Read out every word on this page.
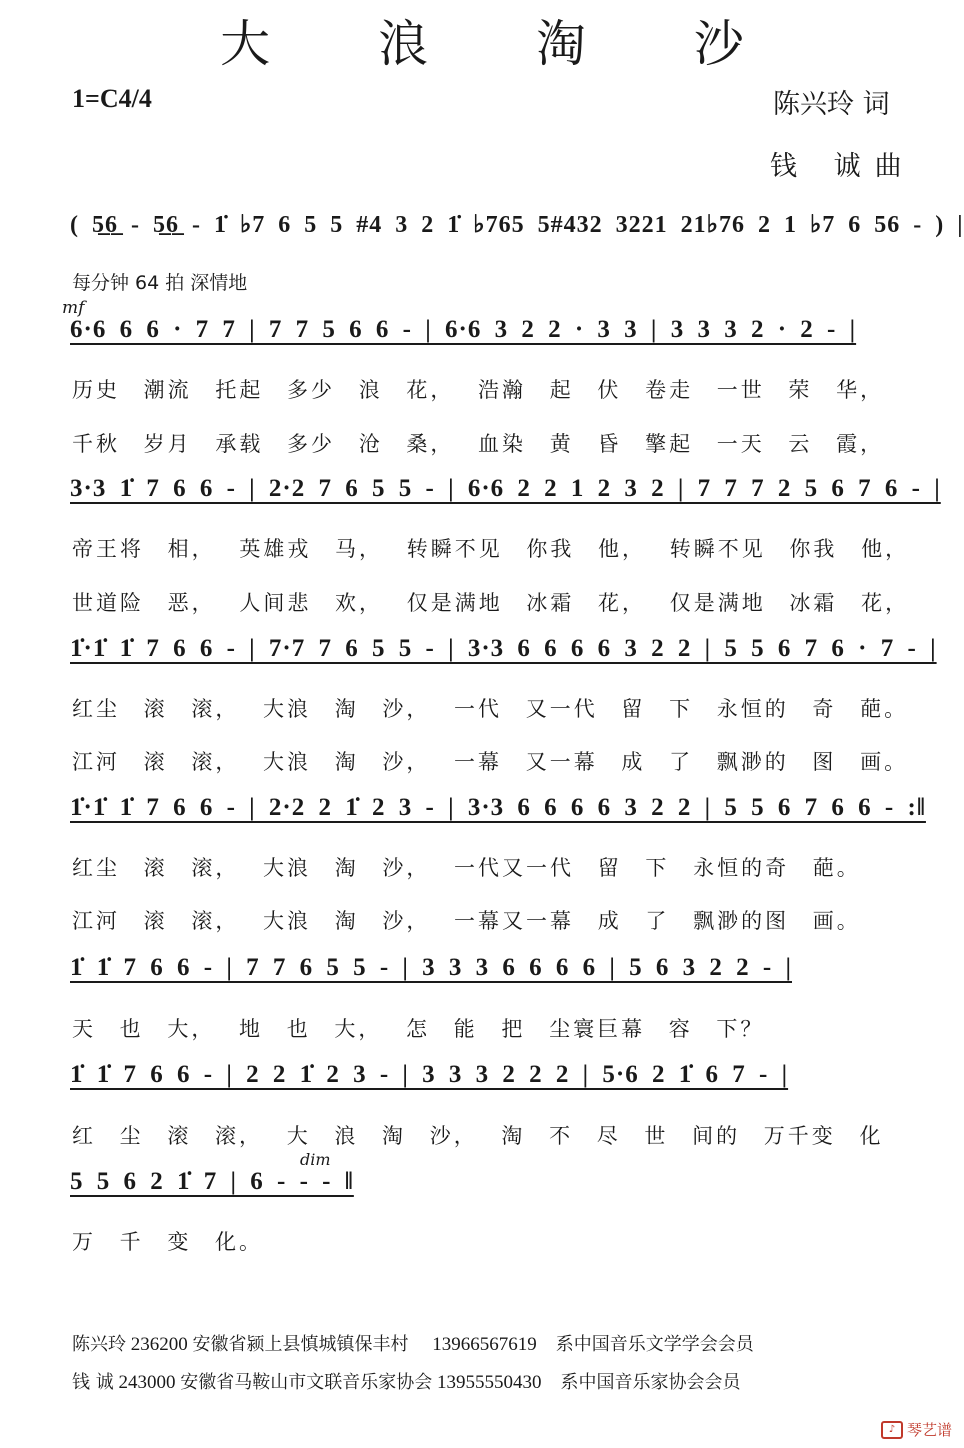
大 浪 淘 沙
1=C4/4	陈兴玲 词
钱 诚曲
( 5̲6̲ - 5̲6̲ - 1̇ ♭7 6 5 5 #4 3 2 1̇ ♭765 5#432 3221 21♭76 2 1 ♭7 6 56 - ) |
每分钟 64 拍 深情地
mf
6·6 6 6 · 7 7 | 7 7 5 6 6 - | 6·6 3 2 2 · 3 3 | 3 3 3 2 · 2 - |
历史 潮流 托起 多少 浪 花， 浩瀚 起 伏 卷走 一世 荣 华，
千秋 岁月 承载 多少 沧 桑， 血染 黄 昏 擎起 一天 云 霞，
3·3 1̇ 7 6 6 - | 2·2 7 6 5 5 - | 6·6 2 2 1 2 3 2 | 7 7 7 2 5 6 7 6 - |
帝王将 相， 英雄戎 马， 转瞬不见 你我 他， 转瞬不见 你我 他，
世道险 恶， 人间悲 欢， 仅是满地 冰霜 花， 仅是满地 冰霜 花，
1̇·1̇ 1̇ 7 6 6 - | 7·7 7 6 5 5 - | 3·3 6 6 6 6 3 2 2 | 5 5 6 7 6 · 7 - |
红尘 滚 滚， 大浪 淘 沙， 一代 又一代 留 下 永恒的 奇 葩。
江河 滚 滚， 大浪 淘 沙， 一幕 又一幕 成 了 飘渺的 图 画。
1̇·1̇ 1̇ 7 6 6 - | 2·2 2 1̇ 2 3 - | 3·3 6 6 6 6 3 2 2 | 5 5 6 7 6 6 - :‖
红尘 滚 滚， 大浪 淘 沙， 一代又一代 留 下 永恒的奇 葩。
江河 滚 滚， 大浪 淘 沙， 一幕又一幕 成 了 飘渺的图 画。
1̇ 1̇ 7 6 6 - | 7 7 6 5 5 - | 3 3 3 6 6 6 6 | 5 6 3 2 2 - |
天 也 大， 地 也 大， 怎 能 把 尘寰巨幕 容 下？
1̇ 1̇ 7 6 6 - | 2 2 1̇ 2 3 - | 3 3 3 2 2 2 | 5·6 2 1̇ 6 7 - |
红 尘 滚 滚， 大 浪 淘 沙， 淘 不 尽 世 间的 万千变 化
dim
5 5 6 2 1̇ 7 | 6 - - - ‖
万 千 变 化。
陈兴玲 236200 安徽省颍上县慎城镇保丰村 13966567619 系中国音乐文学学会会员
钱 诚 243000 安徽省马鞍山市文联音乐家协会 13955550430 系中国音乐家协会会员
♪ 琴艺谱
